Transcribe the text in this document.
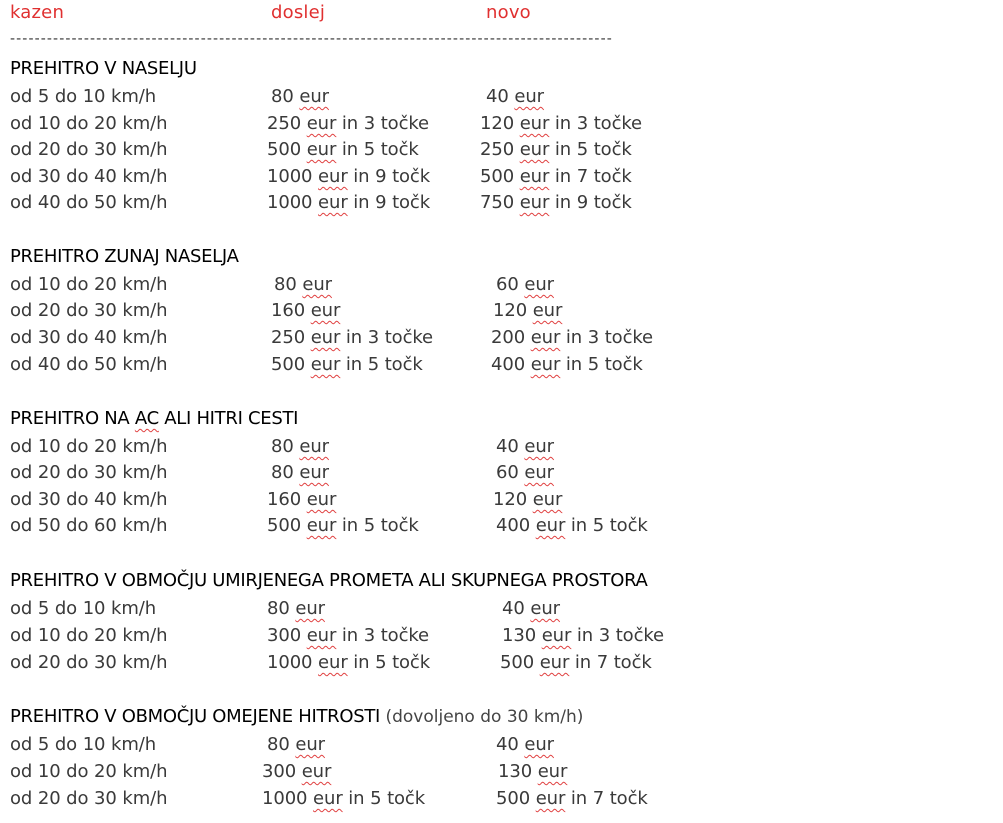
kazen	doslej	novo
--------------------------------------------------------------------------------------------------
PREHITRO V NASELJU
od 5 do 10 km/h	80 eur	40 eur
od 10 do 20 km/h	250 eur in 3 točke	120 eur in 3 točke
od 20 do 30 km/h	500 eur in 5 točk	250 eur in 5 točk
od 30 do 40 km/h	1000 eur in 9 točk	500 eur in 7 točk
od 40 do 50 km/h	1000 eur in 9 točk	750 eur in 9 točk
PREHITRO ZUNAJ NASELJA
od 10 do 20 km/h	80 eur	60 eur
od 20 do 30 km/h	160 eur	120 eur
od 30 do 40 km/h	250 eur in 3 točke	200 eur in 3 točke
od 40 do 50 km/h	500 eur in 5 točk	400 eur in 5 točk
PREHITRO NA AC ALI HITRI CESTI
od 10 do 20 km/h	80 eur	40 eur
od 20 do 30 km/h	80 eur	60 eur
od 30 do 40 km/h	160 eur	120 eur
od 50 do 60 km/h	500 eur in 5 točk	400 eur in 5 točk
PREHITRO V OBMOČJU UMIRJENEGA PROMETA ALI SKUPNEGA PROSTORA
od 5 do 10 km/h	80 eur	40 eur
od 10 do 20 km/h	300 eur in 3 točke	130 eur in 3 točke
od 20 do 30 km/h	1000 eur in 5 točk	500 eur in 7 točk
PREHITRO V OBMOČJU OMEJENE HITROSTI (dovoljeno do 30 km/h)
od 5 do 10 km/h	80 eur	40 eur
od 10 do 20 km/h	300 eur	130 eur
od 20 do 30 km/h	1000 eur in 5 točk	500 eur in 7 točk
